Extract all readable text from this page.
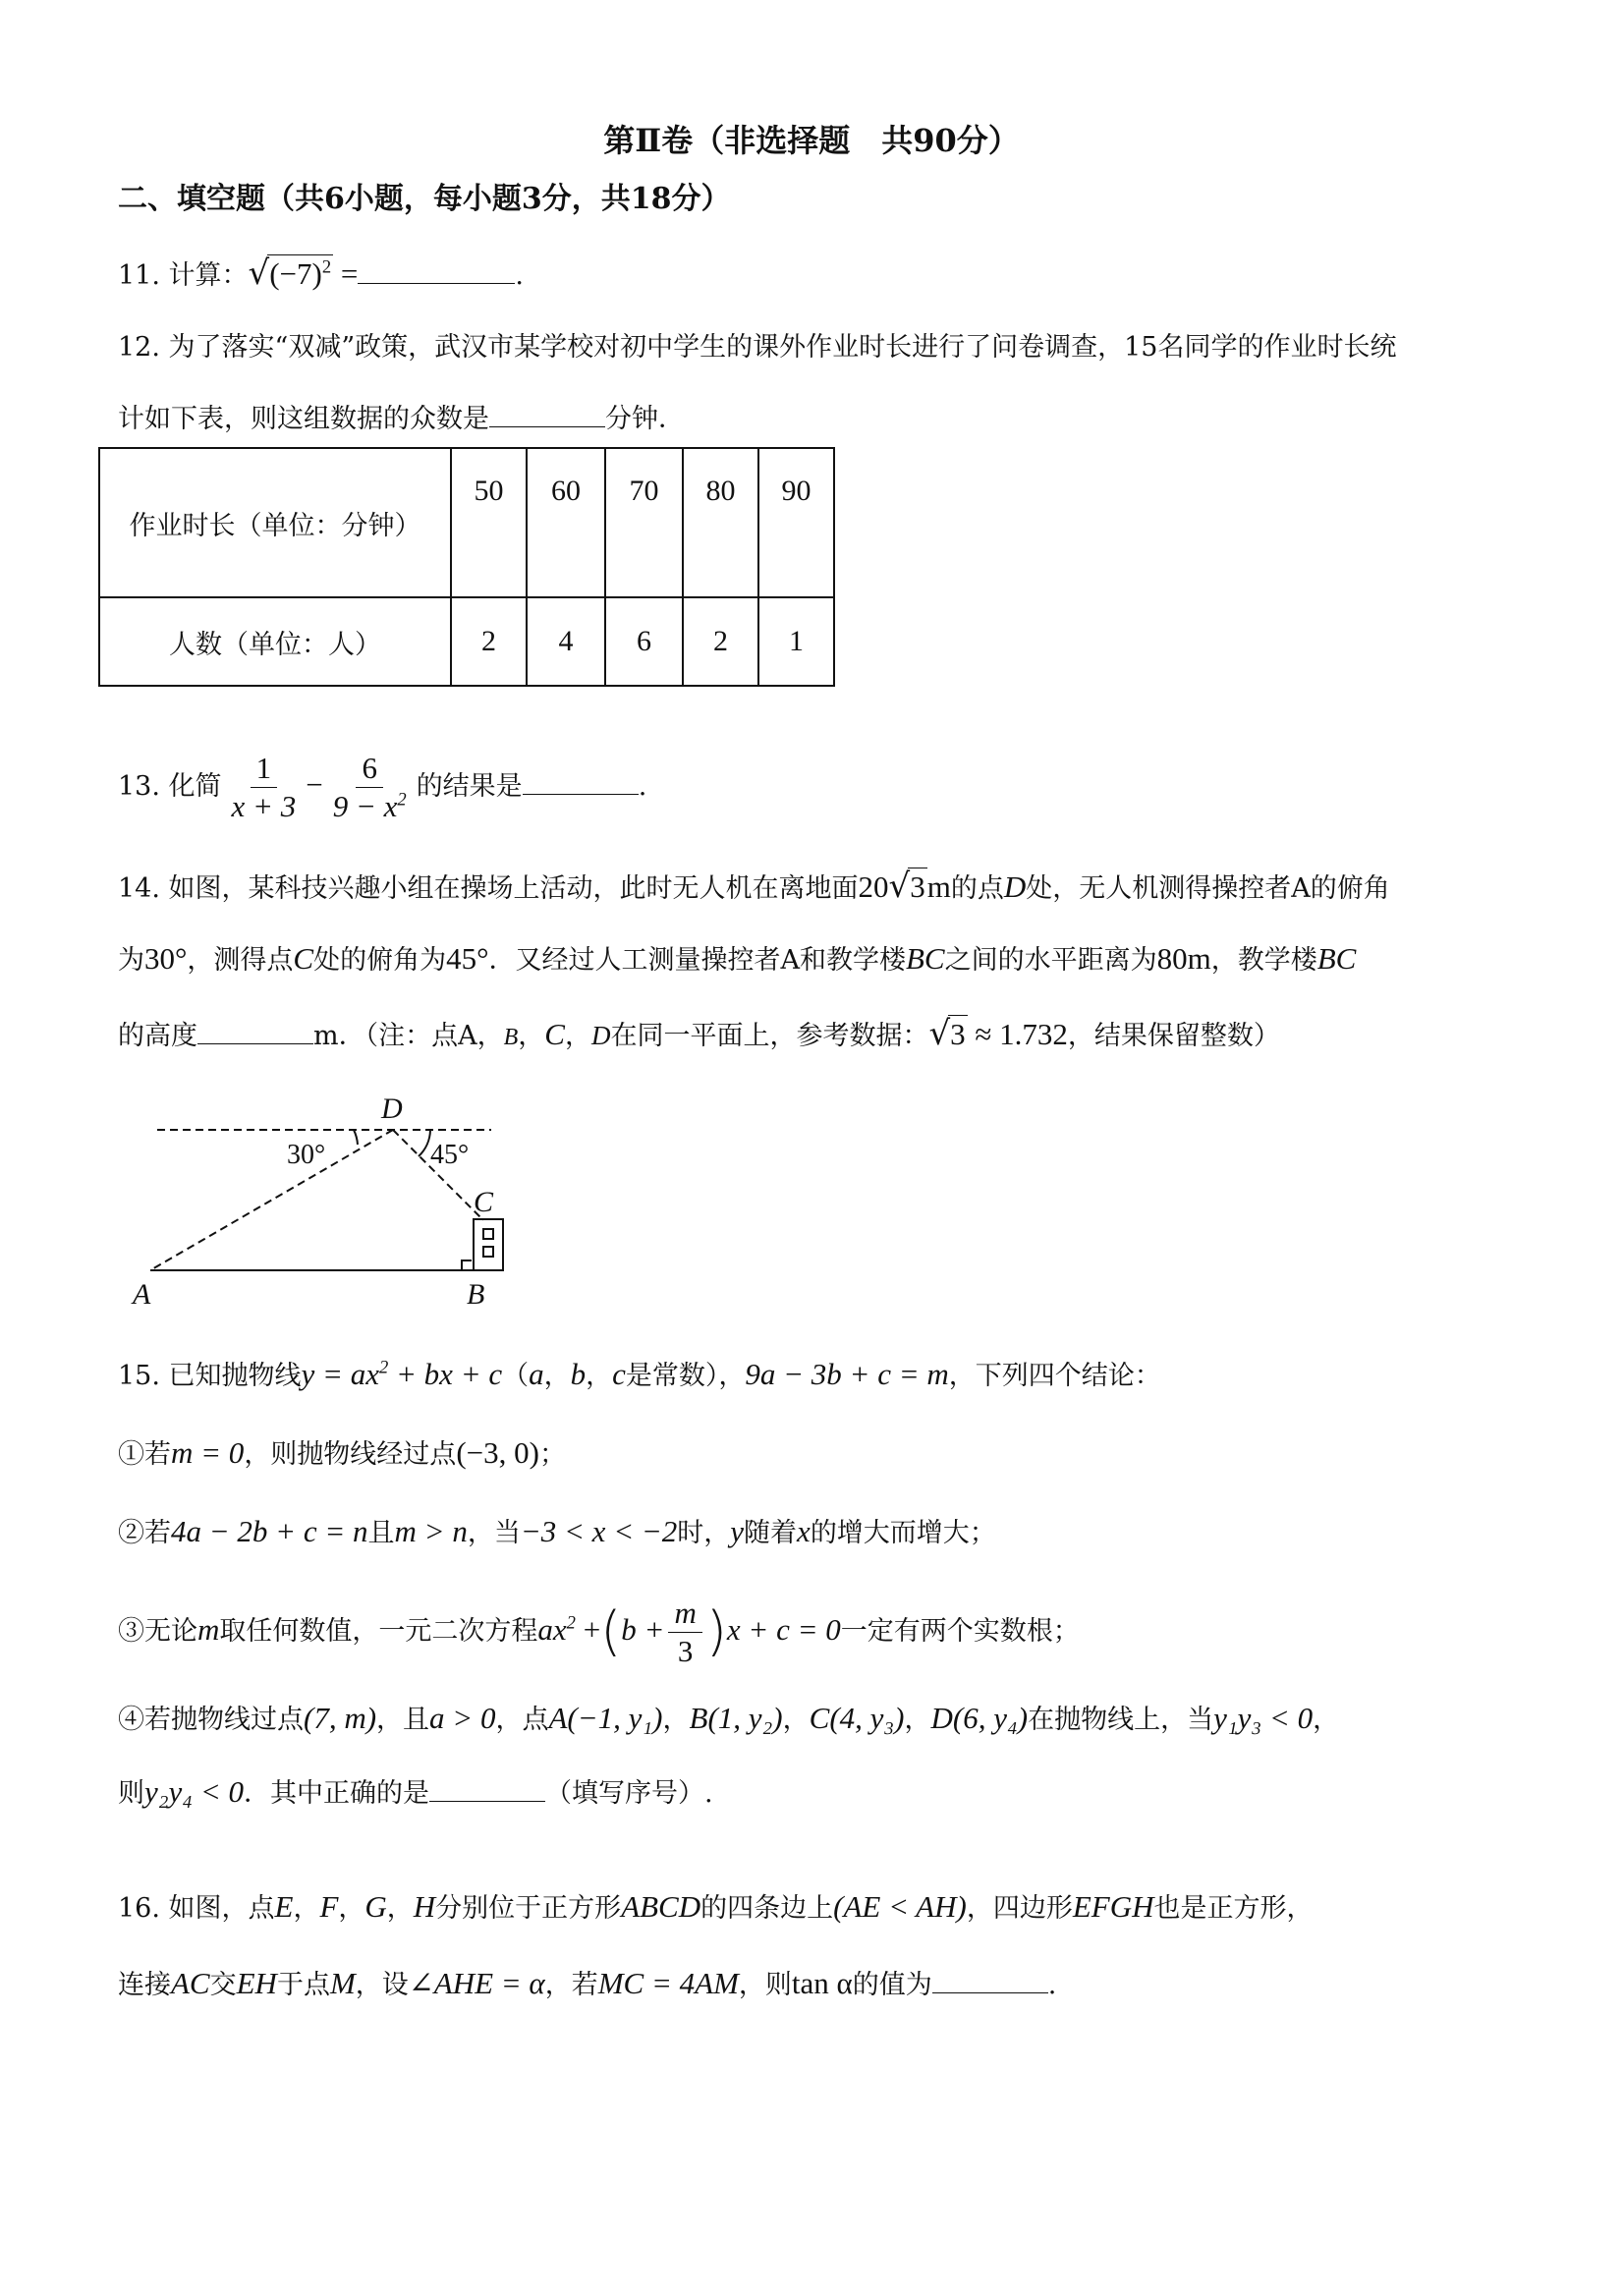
第Ⅱ卷（非选择题　共90分）
二、填空题（共6小题，每小题3分，共18分）
11. 计算：$√(-7)^2$ =	.
12. 为了落实“双减”政策，武汉市某学校对初中学生的课外作业时长进行了问卷调查，15名同学的作业时长统
计如下表，则这组数据的众数是	分钟．
作业时长（单位：分钟）	50	60	70	80	90
人数（单位：人）	2	4	6	2	1
13. 化简 $\frac{1}{x + 3} - \frac{6}{9 - x^2}$ 的结果是	.
14. 如图，某科技兴趣小组在操场上活动，此时无人机在离地面20√3m的点D处，无人机测得操控者A的俯角
为30°，测得点C处的俯角为45°．又经过人工测量操控者A和教学楼BC之间的水平距离为80m，教学楼BC
的高度	m．（注：点A，B，C，D在同一平面上，参考数据：√3 ≈ 1.732，结果保留整数）
D
C
A	B
30°	45°
15. 已知抛物线$y = ax^2$ + bx + c（a，b，c是常数），9a − 3b + c = m，下列四个结论：
①若m = 0，则抛物线经过点(−3, 0)；
②若4a − 2b + c = n且m > n，当−3 < x < −2时，y随着x的增大而增大；
③无论m取任何数值，一元二次方程$ax^2 +(b + \frac{m}{3} )x + c = 0$一定有两个实数根；
④若抛物线过点(7, m)，且a > 0，点A(−1, y₁)，B(1, y₂)，C(4, y₃)，D(6, y₄)在抛物线上，当y₁y₃ < 0，
则y₂y₄ < 0．其中正确的是	（填写序号）.
16. 如图，点E，F，G，H分别位于正方形ABCD的四条边上(AE < AH)，四边形EFGH也是正方形，
连接AC交EH于点M，设∠AHE = α，若MC = 4AM，则tan α的值为	.
